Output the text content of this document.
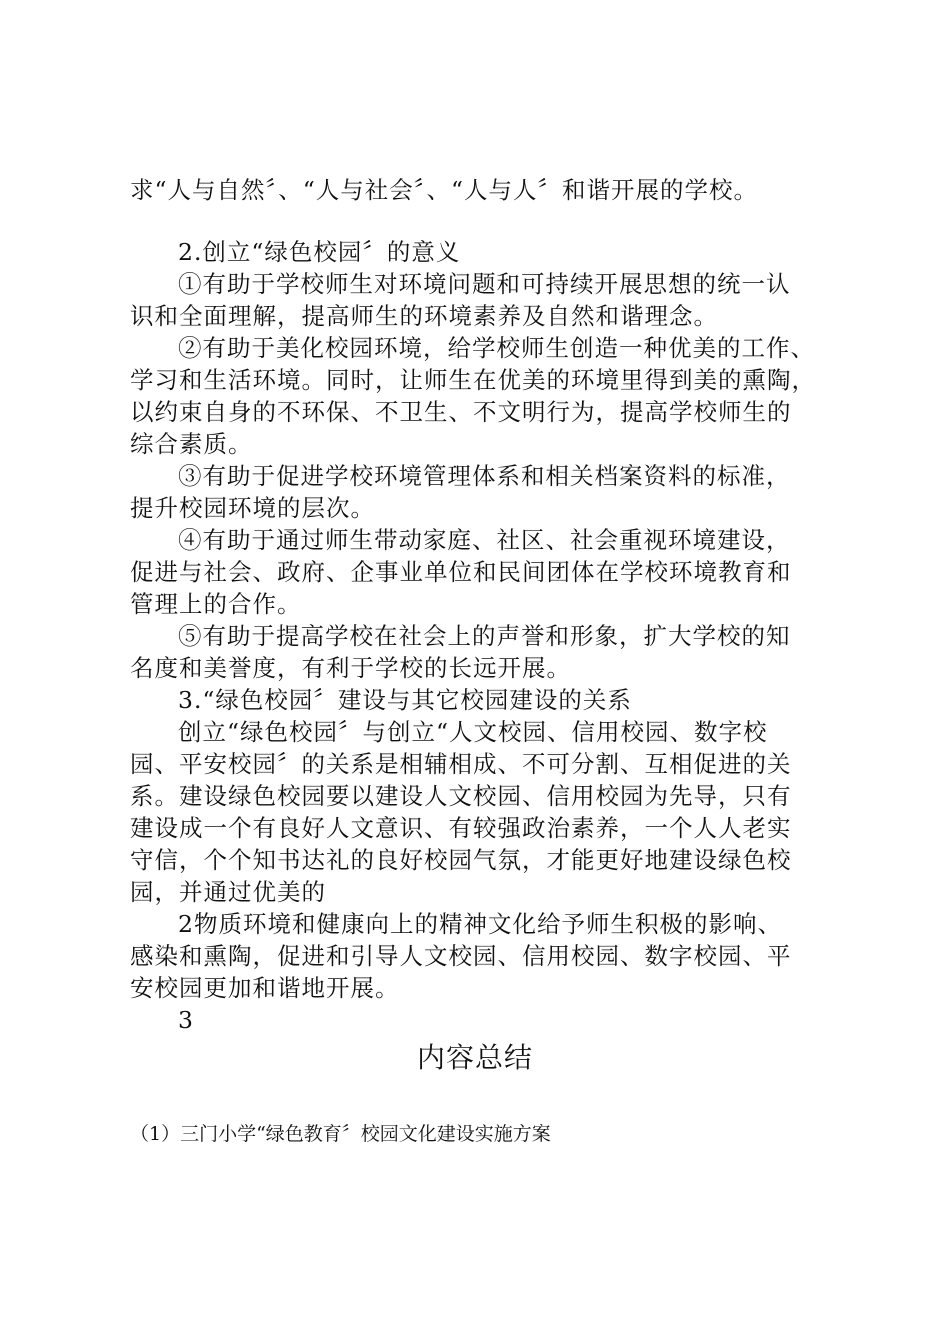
求“人与自然〞、“人与社会〞、“人与人〞和谐开展的学校。
2.创立“绿色校园〞的意义
①有助于学校师生对环境问题和可持续开展思想的统一认
识和全面理解，提高师生的环境素养及自然和谐理念。
②有助于美化校园环境，给学校师生创造一种优美的工作、
学习和生活环境。同时，让师生在优美的环境里得到美的熏陶，
以约束自身的不环保、不卫生、不文明行为，提高学校师生的
综合素质。
③有助于促进学校环境管理体系和相关档案资料的标准，
提升校园环境的层次。
④有助于通过师生带动家庭、社区、社会重视环境建设，
促进与社会、政府、企事业单位和民间团体在学校环境教育和
管理上的合作。
⑤有助于提高学校在社会上的声誉和形象，扩大学校的知
名度和美誉度，有利于学校的长远开展。
3.“绿色校园〞建设与其它校园建设的关系
创立“绿色校园〞与创立“人文校园、信用校园、数字校
园、平安校园〞的关系是相辅相成、不可分割、互相促进的关
系。建设绿色校园要以建设人文校园、信用校园为先导，只有
建设成一个有良好人文意识、有较强政治素养，一个人人老实
守信，个个知书达礼的良好校园气氛，才能更好地建设绿色校
园，并通过优美的
2物质环境和健康向上的精神文化给予师生积极的影响、
感染和熏陶，促进和引导人文校园、信用校园、数字校园、平
安校园更加和谐地开展。
3
内容总结
（1）三门小学“绿色教育〞校园文化建设实施方案
